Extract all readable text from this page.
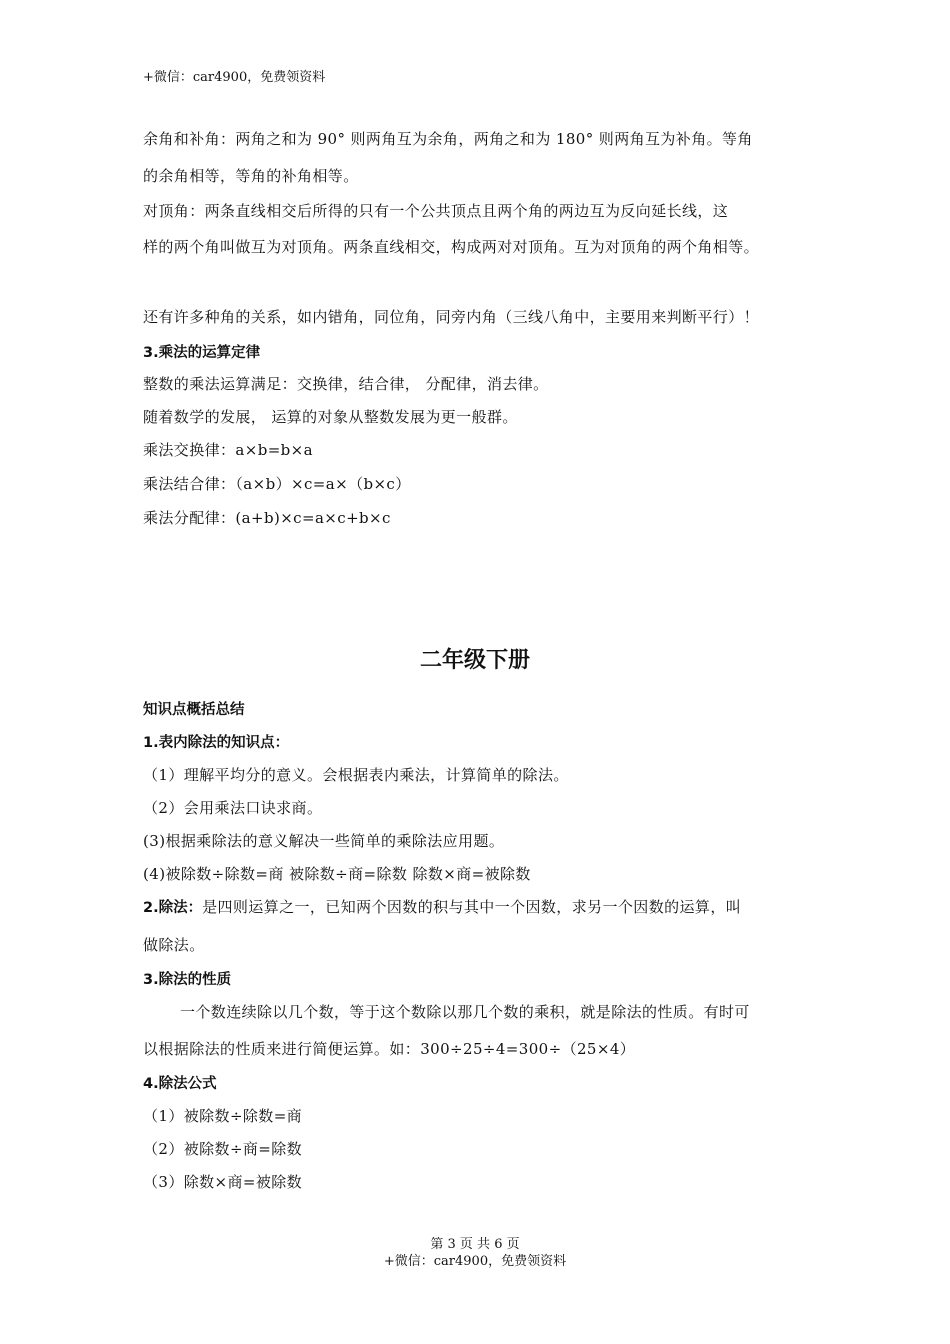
+微信：car4900，免费领资料
余角和补角：两角之和为 90° 则两角互为余角，两角之和为 180° 则两角互为补角。等角
的余角相等，等角的补角相等。
对顶角：两条直线相交后所得的只有一个公共顶点且两个角的两边互为反向延长线，这
样的两个角叫做互为对顶角。两条直线相交，构成两对对顶角。互为对顶角的两个角相等。
还有许多种角的关系，如内错角，同位角，同旁内角（三线八角中，主要用来判断平行）！
3.乘法的运算定律
整数的乘法运算满足：交换律，结合律， 分配律，消去律。
随着数学的发展， 运算的对象从整数发展为更一般群。
乘法交换律：a×b=b×a
乘法结合律：（a×b）×c=a×（b×c）
乘法分配律：(a+b)×c=a×c+b×c
二年级下册
知识点概括总结
1.表内除法的知识点：
（1）理解平均分的意义。会根据表内乘法，计算简单的除法。
（2）会用乘法口诀求商。
(3)根据乘除法的意义解决一些简单的乘除法应用题。
(4)被除数÷除数=商 被除数÷商=除数 除数×商=被除数
2.除法：是四则运算之一，已知两个因数的积与其中一个因数，求另一个因数的运算，叫
做除法。
3.除法的性质
一个数连续除以几个数，等于这个数除以那几个数的乘积，就是除法的性质。有时可
以根据除法的性质来进行简便运算。如：300÷25÷4=300÷（25×4）
4.除法公式
（1）被除数÷除数=商
（2）被除数÷商=除数
（3）除数×商=被除数
第 3 页 共 6 页
+微信：car4900，免费领资料
